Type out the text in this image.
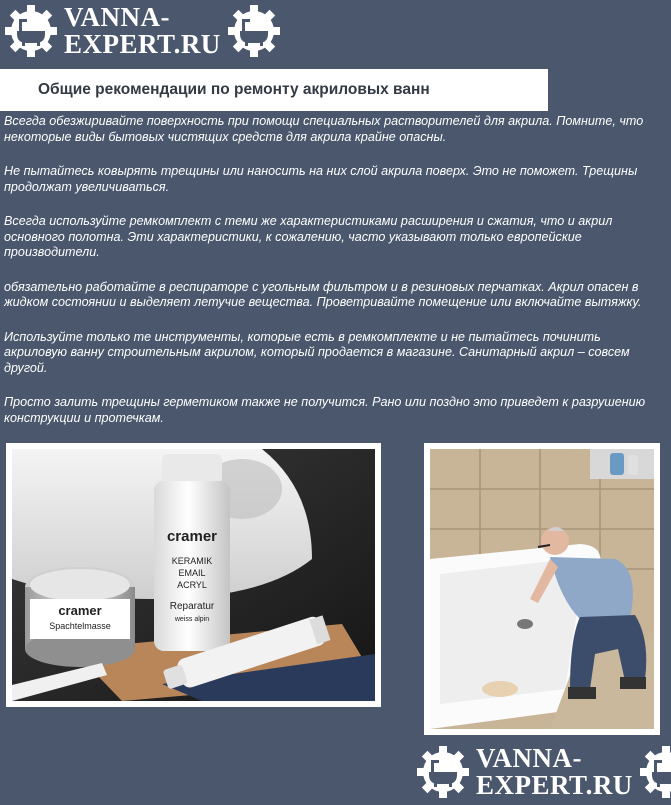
VANNA-
EXPERT.RU
Общие рекомендации по ремонту акриловых ванн

Всегда обезжиривайте поверхность при помощи специальных растворителей для акрила. Помните, что некоторые виды бытовых чистящих средств для акрила крайне опасны.

Не пытайтесь ковырять трещины или наносить на них слой акрила поверх. Это не поможет. Трещины продолжат увеличиваться.

Всегда используйте ремкомплект с теми же характеристиками расширения и сжатия, что и акрил основного полотна. Эти характеристики, к сожалению, часто указывают только европейские производители.

обязательно работайте в респираторе с угольным фильтром и в резиновых перчатках. Акрил опасен в жидком состоянии и выделяет летучие вещества. Проветривайте помещение или включайте вытяжку.

Используйте только те инструменты, которые есть в ремкомплекте и не пытайтесь починить акриловую ванну строительным акрилом, который продается в магазине. Санитарный акрил – совсем другой.

Просто залить трещины герметиком также не получится. Рано или поздно это приведет к разрушению конструкции и протечкам.

cramer
Spachtelmasse
cramer
KERAMIK
EMAIL
ACRYL
Reparatur
weiss alpin
VANNA-
EXPERT.RU
